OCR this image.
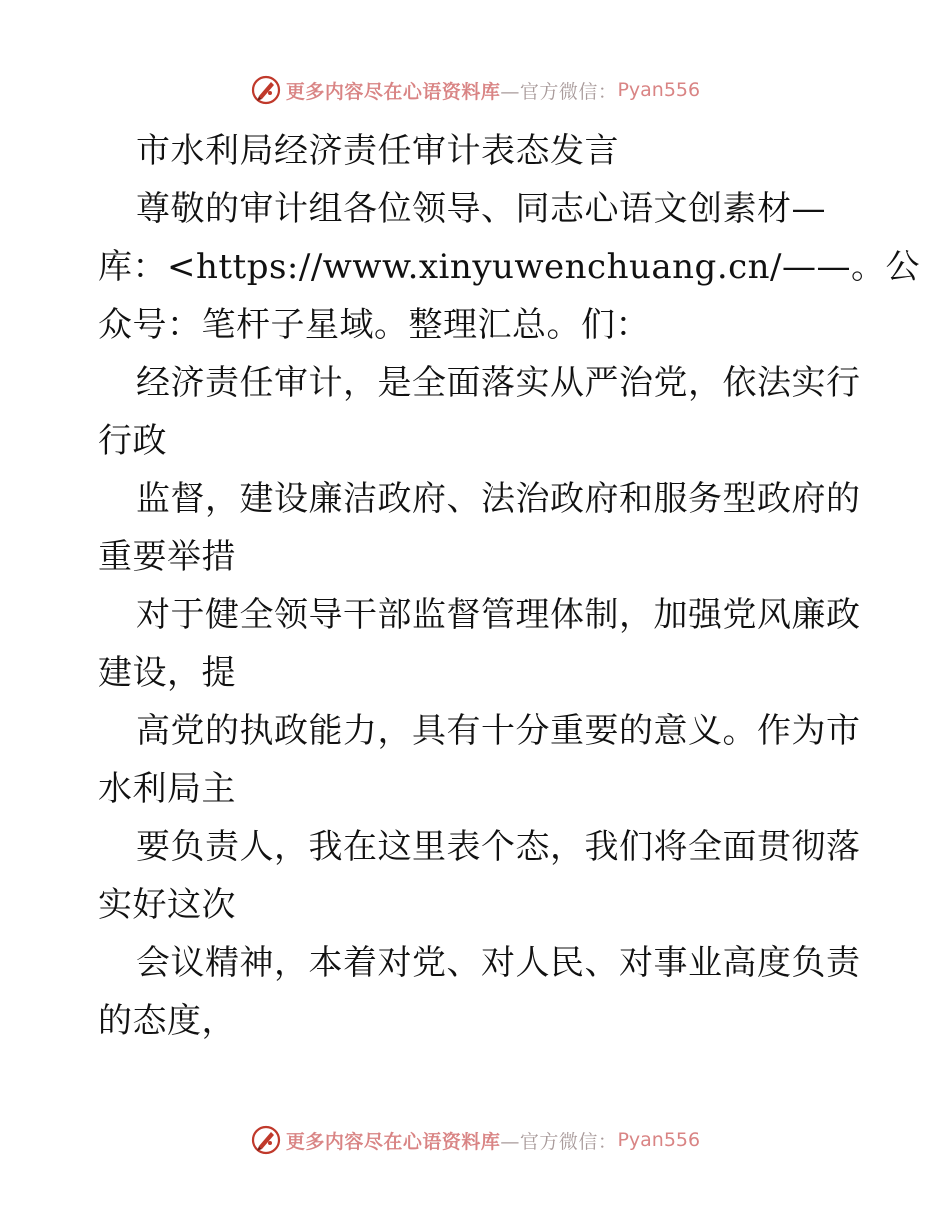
更多内容尽在心语资料库 —官方微信： Pyan556
市水利局经济责任审计表态发言
尊敬的审计组各位领导、同志心语文创素材—
库：<https://www.xinyuwenchuang.cn/——。公
众号：笔杆子星域。整理汇总。们：
经济责任审计，是全面落实从严治党，依法实行
行政
监督，建设廉洁政府、法治政府和服务型政府的
重要举措
对于健全领导干部监督管理体制，加强党风廉政
建设，提
高党的执政能力，具有十分重要的意义。作为市
水利局主
要负责人，我在这里表个态，我们将全面贯彻落
实好这次
会议精神，本着对党、对人民、对事业高度负责
的态度，
更多内容尽在心语资料库 —官方微信： Pyan556
